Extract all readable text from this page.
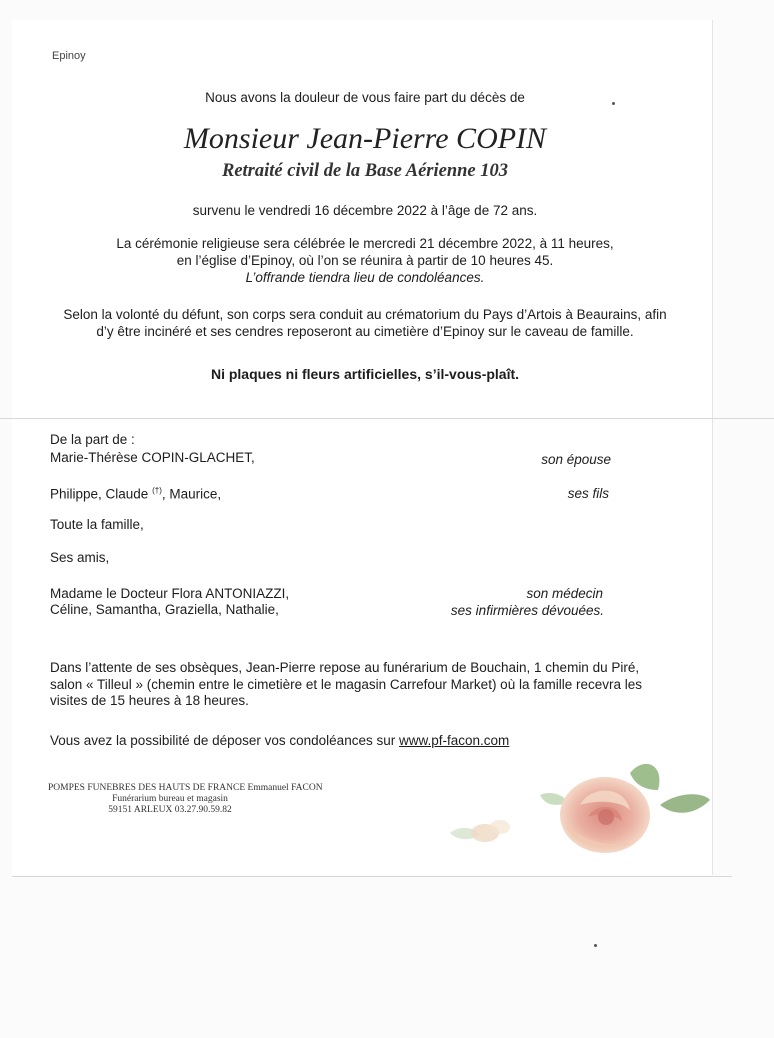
Epinoy
Nous avons la douleur de vous faire part du décès de
Monsieur Jean-Pierre COPIN
Retraité civil de la Base Aérienne 103
survenu le vendredi 16 décembre 2022 à l’âge de 72 ans.
La cérémonie religieuse sera célébrée le mercredi 21 décembre 2022, à 11 heures,
en l’église d’Epinoy, où l’on se réunira à partir de 10 heures 45.
L’offrande tiendra lieu de condoléances.
Selon la volonté du défunt, son corps sera conduit au crématorium du Pays d’Artois à Beaurains, afin
d’y être incinéré et ses cendres reposeront au cimetière d’Epinoy sur le caveau de famille.
Ni plaques ni fleurs artificielles, s’il-vous-plaît.
De la part de :
Marie-Thérèse COPIN-GLACHET,	son épouse
Philippe, Claude (†), Maurice,	ses fils
Toute la famille,
Ses amis,
Madame le Docteur Flora ANTONIAZZI,	son médecin
Céline, Samantha, Graziella, Nathalie,	ses infirmières dévouées.
Dans l’attente de ses obsèques, Jean-Pierre repose au funérarium de Bouchain, 1 chemin du Piré,
salon « Tilleul » (chemin entre le cimetière et le magasin Carrefour Market) où la famille recevra les
visites de 15 heures à 18 heures.
Vous avez la possibilité de déposer vos condoléances sur www.pf-facon.com
POMPES FUNEBRES DES HAUTS DE FRANCE Emmanuel FACON
Funérarium bureau et magasin
59151 ARLEUX 03.27.90.59.82
